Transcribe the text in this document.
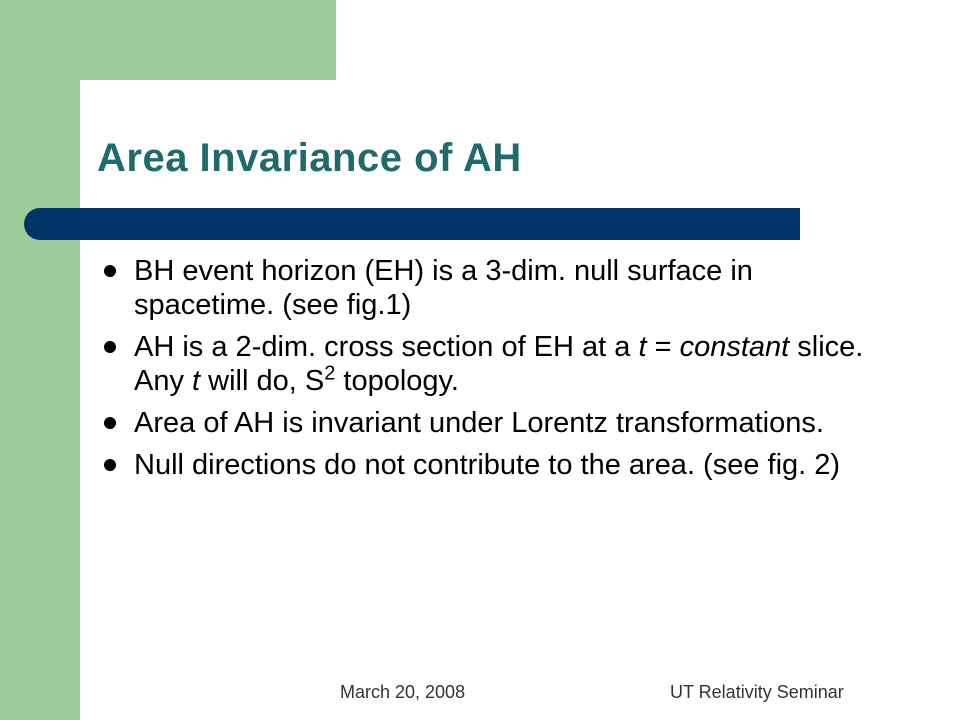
Area Invariance of AH
BH event horizon (EH) is a 3-dim. null surface in spacetime. (see fig.1)
AH is a 2-dim. cross section of EH at a t = constant slice. Any t will do, $S^2$ topology.
Area of AH is invariant under Lorentz transformations.
Null directions do not contribute to the area. (see fig. 2)
March 20, 2008	UT Relativity Seminar
